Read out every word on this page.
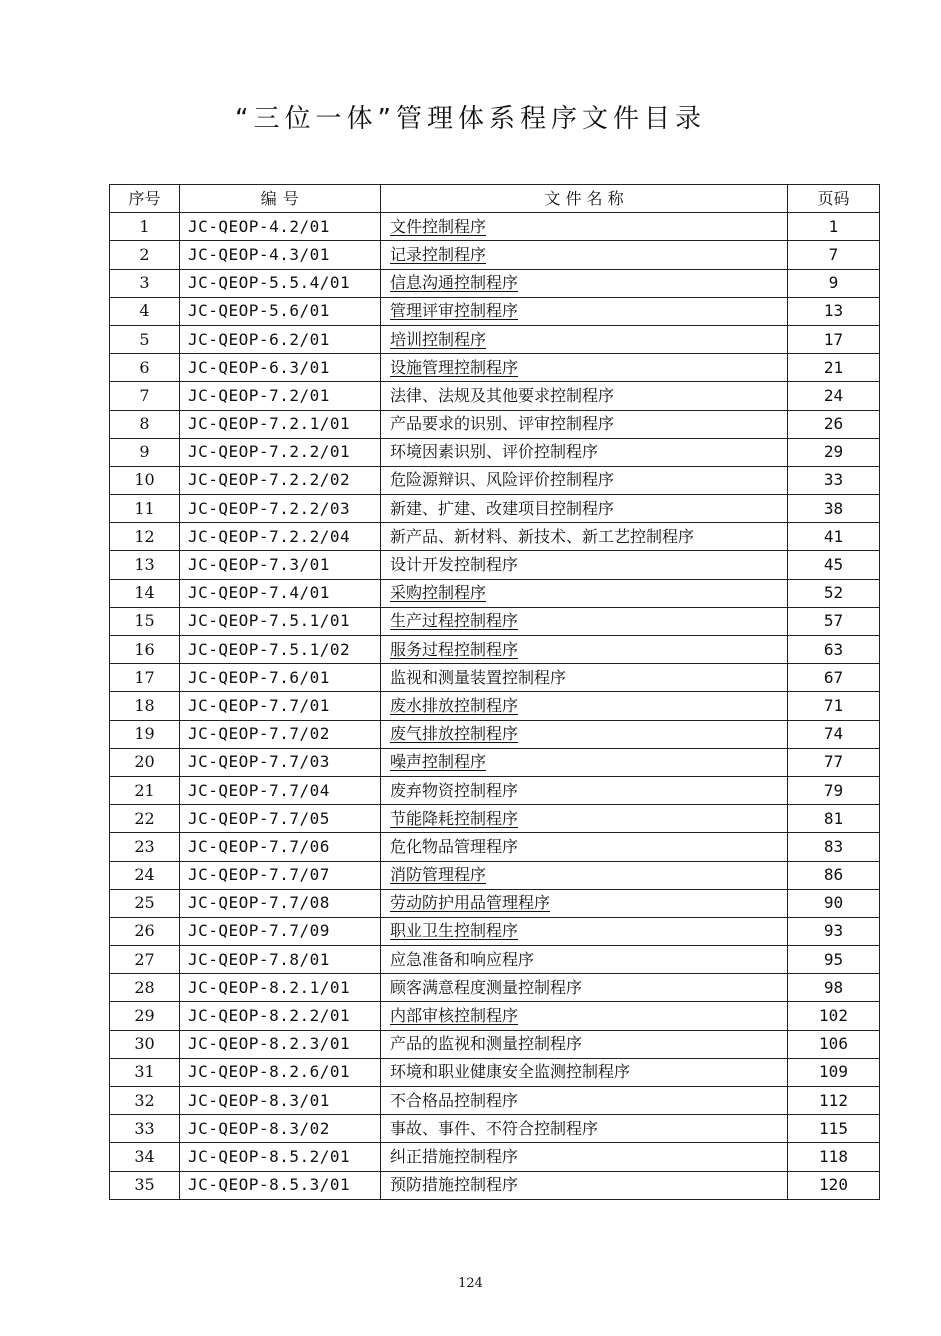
“三位一体”管理体系程序文件目录
序号	编 号	文 件 名 称	页码
1	JC-QEOP-4.2/01	文件控制程序	1
2	JC-QEOP-4.3/01	记录控制程序	7
3	JC-QEOP-5.5.4/01	信息沟通控制程序	9
4	JC-QEOP-5.6/01	管理评审控制程序	13
5	JC-QEOP-6.2/01	培训控制程序	17
6	JC-QEOP-6.3/01	设施管理控制程序	21
7	JC-QEOP-7.2/01	法律、法规及其他要求控制程序	24
8	JC-QEOP-7.2.1/01	产品要求的识别、评审控制程序	26
9	JC-QEOP-7.2.2/01	环境因素识别、评价控制程序	29
10	JC-QEOP-7.2.2/02	危险源辩识、风险评价控制程序	33
11	JC-QEOP-7.2.2/03	新建、扩建、改建项目控制程序	38
12	JC-QEOP-7.2.2/04	新产品、新材料、新技术、新工艺控制程序	41
13	JC-QEOP-7.3/01	设计开发控制程序	45
14	JC-QEOP-7.4/01	采购控制程序	52
15	JC-QEOP-7.5.1/01	生产过程控制程序	57
16	JC-QEOP-7.5.1/02	服务过程控制程序	63
17	JC-QEOP-7.6/01	监视和测量装置控制程序	67
18	JC-QEOP-7.7/01	废水排放控制程序	71
19	JC-QEOP-7.7/02	废气排放控制程序	74
20	JC-QEOP-7.7/03	噪声控制程序	77
21	JC-QEOP-7.7/04	废弃物资控制程序	79
22	JC-QEOP-7.7/05	节能降耗控制程序	81
23	JC-QEOP-7.7/06	危化物品管理程序	83
24	JC-QEOP-7.7/07	消防管理程序	86
25	JC-QEOP-7.7/08	劳动防护用品管理程序	90
26	JC-QEOP-7.7/09	职业卫生控制程序	93
27	JC-QEOP-7.8/01	应急准备和响应程序	95
28	JC-QEOP-8.2.1/01	顾客满意程度测量控制程序	98
29	JC-QEOP-8.2.2/01	内部审核控制程序	102
30	JC-QEOP-8.2.3/01	产品的监视和测量控制程序	106
31	JC-QEOP-8.2.6/01	环境和职业健康安全监测控制程序	109
32	JC-QEOP-8.3/01	不合格品控制程序	112
33	JC-QEOP-8.3/02	事故、事件、不符合控制程序	115
34	JC-QEOP-8.5.2/01	纠正措施控制程序	118
35	JC-QEOP-8.5.3/01	预防措施控制程序	120
124
